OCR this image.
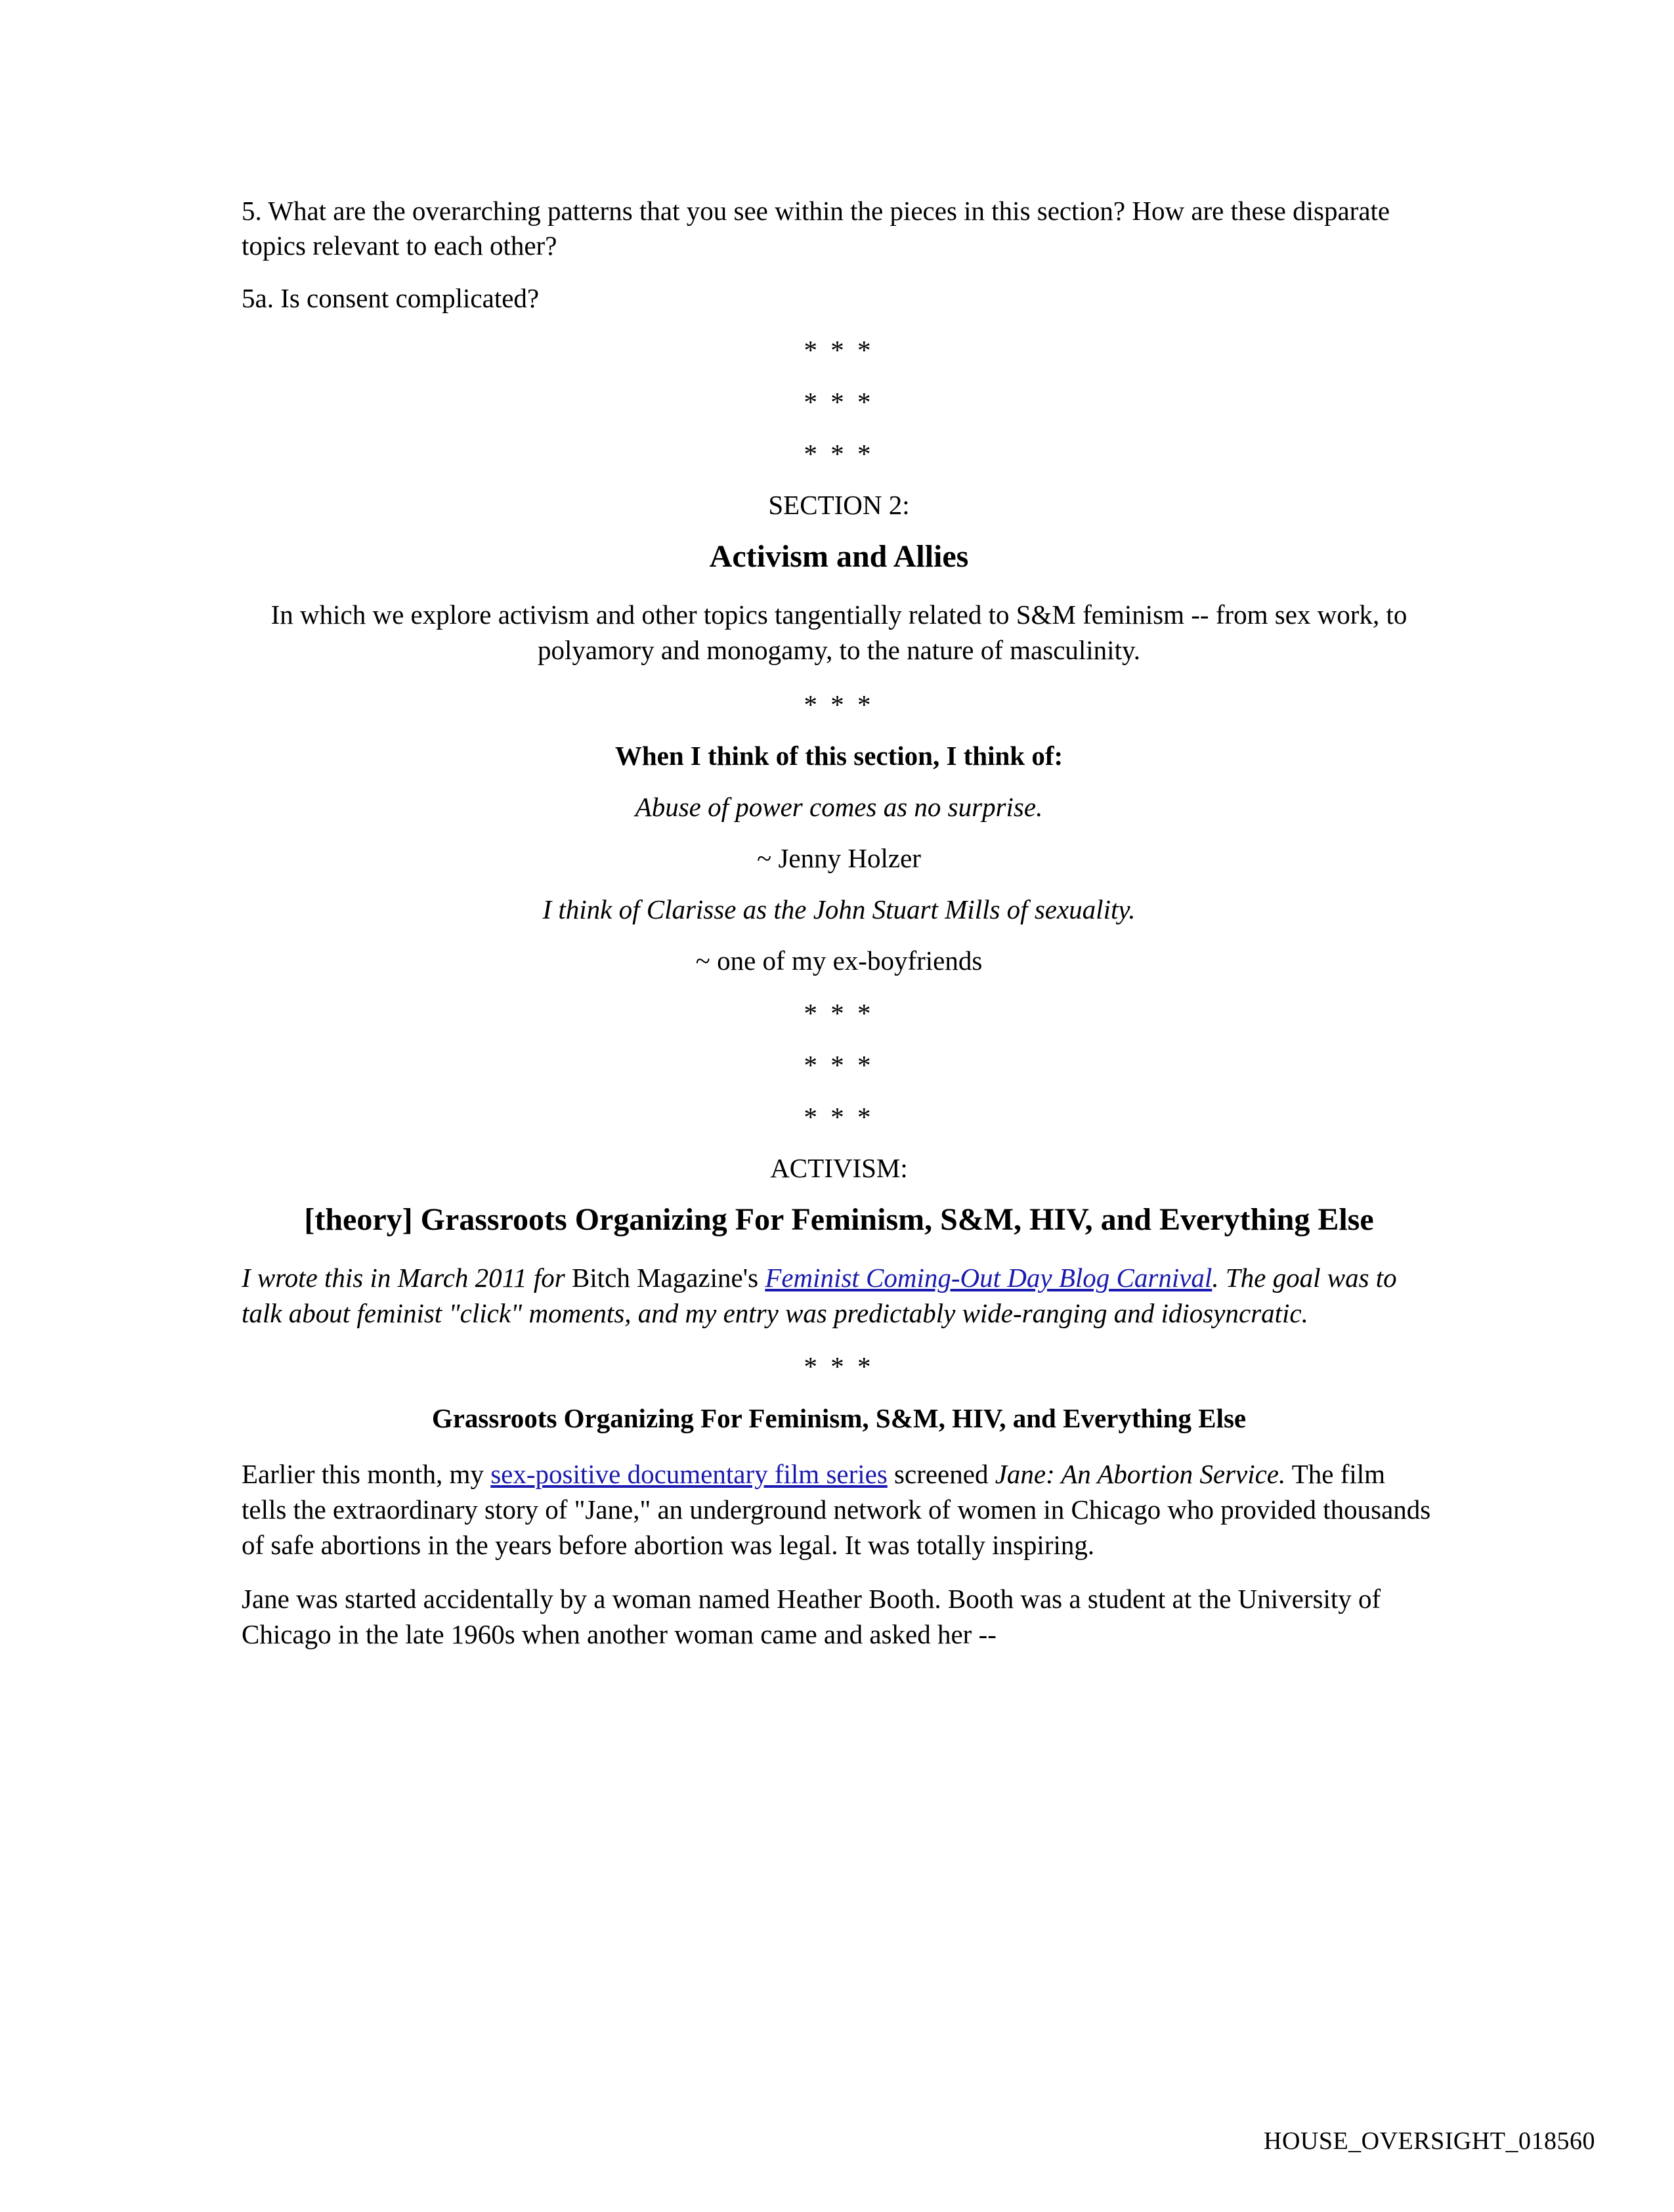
5. What are the overarching patterns that you see within the pieces in this section? How are these disparate topics relevant to each other?

5a. Is consent complicated?

* * *
* * *
* * *
SECTION 2:
Activism and Allies
In which we explore activism and other topics tangentially related to S&M feminism -- from sex work, to polyamory and monogamy, to the nature of masculinity.
* * *
When I think of this section, I think of:
Abuse of power comes as no surprise.
~ Jenny Holzer
I think of Clarisse as the John Stuart Mills of sexuality.
~ one of my ex-boyfriends
* * *
* * *
* * *
ACTIVISM:
[theory] Grassroots Organizing For Feminism, S&M, HIV, and Everything Else

I wrote this in March 2011 for Bitch Magazine's Feminist Coming-Out Day Blog Carnival. The goal was to talk about feminist "click" moments, and my entry was predictably wide-ranging and idiosyncratic.

* * *
Grassroots Organizing For Feminism, S&M, HIV, and Everything Else

Earlier this month, my sex-positive documentary film series screened Jane: An Abortion Service. The film tells the extraordinary story of "Jane," an underground network of women in Chicago who provided thousands of safe abortions in the years before abortion was legal. It was totally inspiring.

Jane was started accidentally by a woman named Heather Booth. Booth was a student at the University of Chicago in the late 1960s when another woman came and asked her --

HOUSE_OVERSIGHT_018560
